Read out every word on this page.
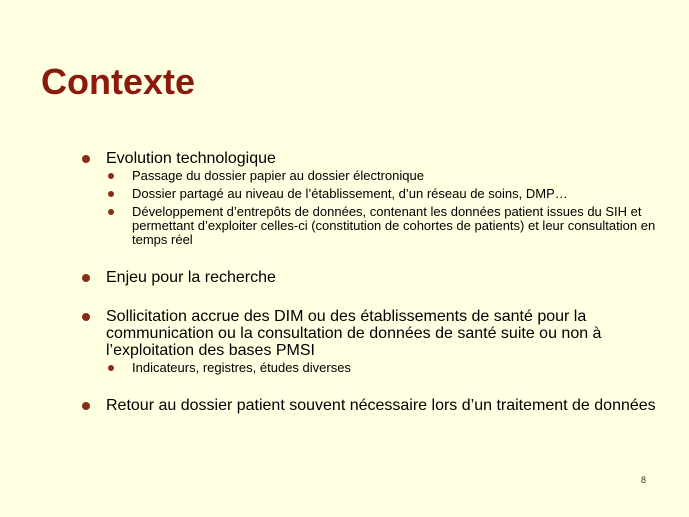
Contexte
Evolution technologique
Passage du dossier papier au dossier électronique
Dossier partagé au niveau de l’établissement, d’un réseau de soins, DMP…
Développement d’entrepôts de données, contenant les données patient issues du SIH et permettant d’exploiter celles-ci (constitution de cohortes de patients) et leur consultation en temps réel
Enjeu pour la recherche
Sollicitation accrue des DIM ou des établissements de santé pour la communication ou la consultation de données de santé suite ou non à l’exploitation des bases PMSI
Indicateurs, registres, études diverses
Retour au dossier patient souvent nécessaire lors d’un traitement de données
8
